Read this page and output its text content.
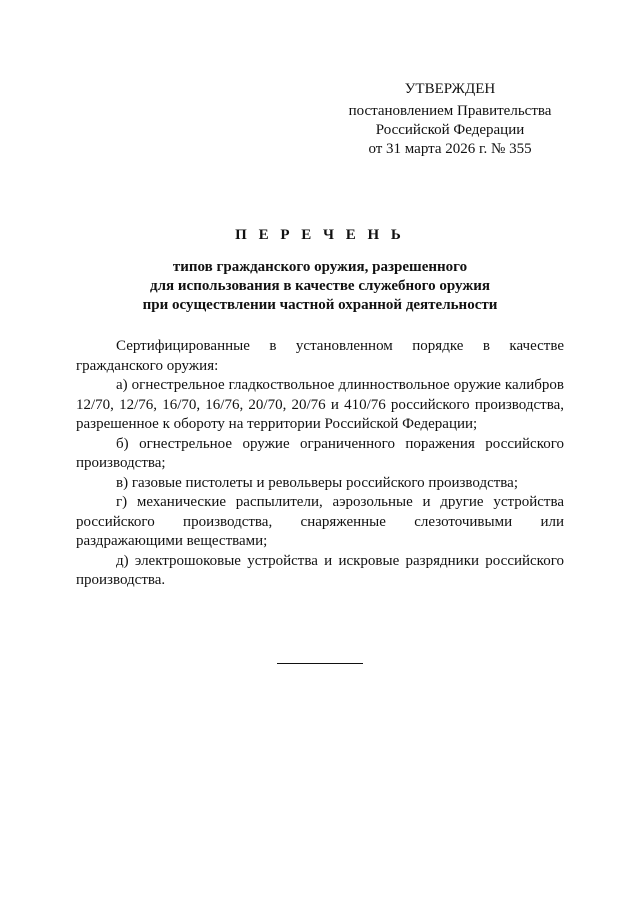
УТВЕРЖДЕН
постановлением Правительства
Российской Федерации
от 31 марта 2026 г. № 355
П Е Р Е Ч Е Н Ь
типов гражданского оружия, разрешенного
для использования в качестве служебного оружия
при осуществлении частной охранной деятельности

Сертифицированные в установленном порядке в качестве гражданского оружия:

а) огнестрельное гладкоствольное длинноствольное оружие калибров 12/70, 12/76, 16/70, 16/76, 20/70, 20/76 и 410/76 российского производства, разрешенное к обороту на территории Российской Федерации;

б) огнестрельное оружие ограниченного поражения российского производства;

в) газовые пистолеты и револьверы российского производства;

г) механические распылители, аэрозольные и другие устройства российского производства, снаряженные слезоточивыми или раздражающими веществами;

д) электрошоковые устройства и искровые разрядники российского производства.
